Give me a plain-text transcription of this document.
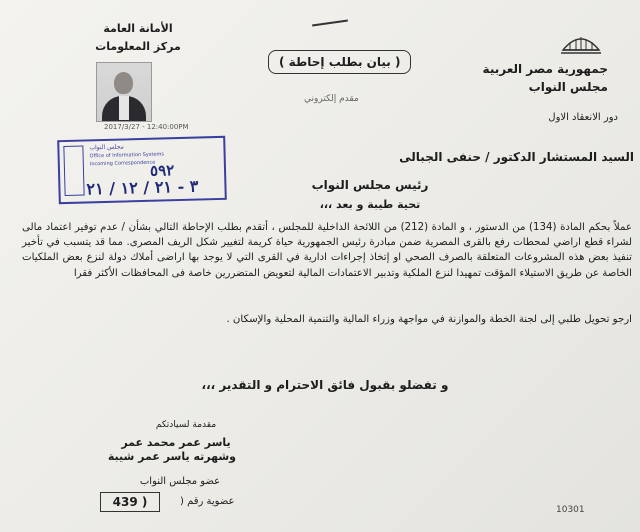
الأمانة العامة
مركز المعلومات
2017/3/27 - 12:40:00PM
مجلس النواب
Office of Information Systems
Incoming Correspondence
٥٩٢
٣ - ٢١ / ١٢ / ٢١
( بيان بطلب إحاطة )
مقدم إلكتروني
جمهورية مصر العربية
مجلس النواب
دور الانعقاد الاول
السيد المستشار الدكتور / حنفى الجبالى
رئيس مجلس النواب
تحية طيبة و بعد ،،،
عملاً بحكم المادة (134) من الدستور ، و المادة (212) من اللائحة الداخلية للمجلس ، أتقدم بطلب الإحاطة التالي بشأن / عدم توفير اعتماد مالى لشراء قطع اراضي لمحطات رفع بالقرى المصرية ضمن مبادرة رئيس الجمهورية حياة كريمة لتغيير شكل الريف المصرى. مما قد يتسبب في تأخير تنفيذ بعض هذه المشروعات المتعلقة بالصرف الصحي او إتخاذ إجراءات ادارية في القرى التي لا يوجد بها اراضى أملاك دولة لنزع بعض الملكيات الخاصة عن طريق الاستيلاء المؤقت تمهيدا لنزع الملكية وتدبير الاعتمادات المالية لتعويض المتضررين خاصة فى المحافظات الأكثر فقرا
ارجو تحويل طلبي إلى لجنة الخطة والموازنة في مواجهة وزراء المالية والتنمية المحلية والإسكان .
و تفضلو بقبول فائق الاحترام و التقدير ،،،
مقدمة لسيادتكم
ياسر عمر محمد عمر
وشهرته ياسر عمر شيبة
عضو مجلس النواب
عضوية رقم (
439 )
10301
